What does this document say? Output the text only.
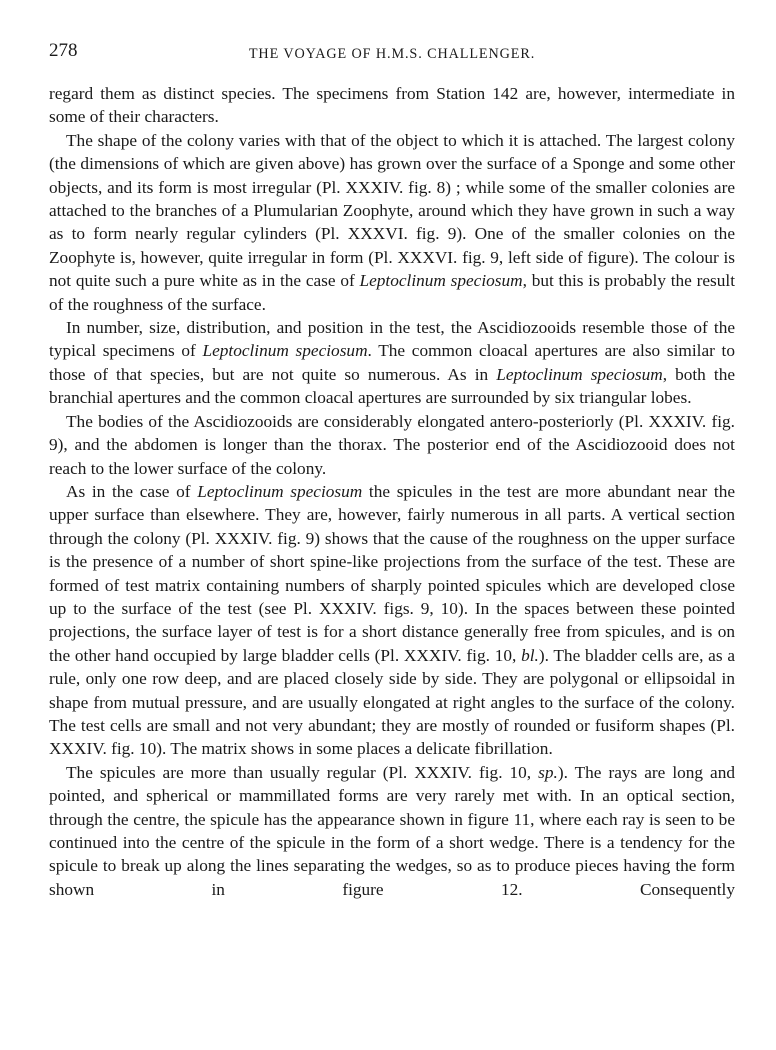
278	THE VOYAGE OF H.M.S. CHALLENGER.

regard them as distinct species. The specimens from Station 142 are, however, intermediate in some of their characters.

The shape of the colony varies with that of the object to which it is attached. The largest colony (the dimensions of which are given above) has grown over the surface of a Sponge and some other objects, and its form is most irregular (Pl. XXXIV. fig. 8) ; while some of the smaller colonies are attached to the branches of a Plumularian Zoophyte, around which they have grown in such a way as to form nearly regular cylinders (Pl. XXXVI. fig. 9). One of the smaller colonies on the Zoophyte is, however, quite irregular in form (Pl. XXXVI. fig. 9, left side of figure). The colour is not quite such a pure white as in the case of Leptoclinum speciosum, but this is probably the result of the roughness of the surface.

In number, size, distribution, and position in the test, the Ascidiozooids resemble those of the typical specimens of Leptoclinum speciosum. The common cloacal apertures are also similar to those of that species, but are not quite so numerous. As in Leptoclinum speciosum, both the branchial apertures and the common cloacal apertures are surrounded by six triangular lobes.

The bodies of the Ascidiozooids are considerably elongated antero-posteriorly (Pl. XXXIV. fig. 9), and the abdomen is longer than the thorax. The posterior end of the Ascidiozooid does not reach to the lower surface of the colony.

As in the case of Leptoclinum speciosum the spicules in the test are more abundant near the upper surface than elsewhere. They are, however, fairly numerous in all parts. A vertical section through the colony (Pl. XXXIV. fig. 9) shows that the cause of the roughness on the upper surface is the presence of a number of short spine-like projections from the surface of the test. These are formed of test matrix containing numbers of sharply pointed spicules which are developed close up to the surface of the test (see Pl. XXXIV. figs. 9, 10). In the spaces between these pointed projections, the surface layer of test is for a short distance generally free from spicules, and is on the other hand occupied by large bladder cells (Pl. XXXIV. fig. 10, bl.). The bladder cells are, as a rule, only one row deep, and are placed closely side by side. They are polygonal or ellipsoidal in shape from mutual pressure, and are usually elongated at right angles to the surface of the colony. The test cells are small and not very abundant; they are mostly of rounded or fusiform shapes (Pl. XXXIV. fig. 10). The matrix shows in some places a delicate fibrillation.

The spicules are more than usually regular (Pl. XXXIV. fig. 10, sp.). The rays are long and pointed, and spherical or mammillated forms are very rarely met with. In an optical section, through the centre, the spicule has the appearance shown in figure 11, where each ray is seen to be continued into the centre of the spicule in the form of a short wedge. There is a tendency for the spicule to break up along the lines separating the wedges, so as to produce pieces having the form shown in figure 12. Consequently
